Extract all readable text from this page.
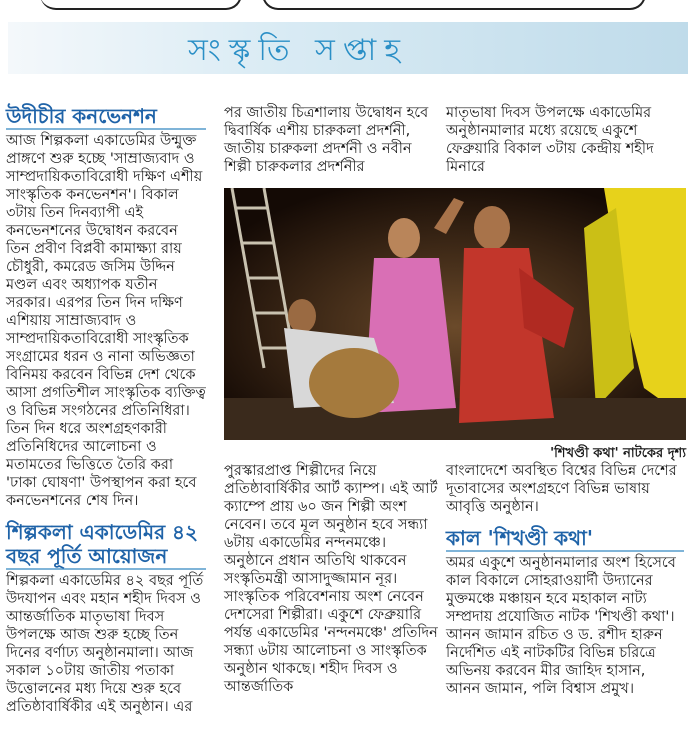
সংস্কৃতি সপ্তাহ
উদীচীর কনভেনশন

আজ শিল্পকলা একাডেমির উন্মুক্ত প্রাঙ্গণে শুরু হচ্ছে 'সাম্রাজ্যবাদ ও সাম্প্রদায়িকতাবিরোধী দক্ষিণ এশীয় সাংস্কৃতিক কনভেনশন'। বিকাল ৩টায় তিন দিনব্যাপী এই কনভেনশনের উদ্বোধন করবেন তিন প্রবীণ বিপ্লবী কামাক্ষ্যা রায় চৌধুরী, কমরেড জসিম উদ্দিন মণ্ডল এবং অধ্যাপক যতীন সরকার। এরপর তিন দিন দক্ষিণ এশিয়ায় সাম্রাজ্যবাদ ও সাম্প্রদায়িকতাবিরোধী সাংস্কৃতিক সংগ্রামের ধরন ও নানা অভিজ্ঞতা বিনিময় করবেন বিভিন্ন দেশ থেকে আসা প্রগতিশীল সাংস্কৃতিক ব্যক্তিত্ব ও বিভিন্ন সংগঠনের প্রতিনিধিরা। তিন দিন ধরে অংশগ্রহণকারী প্রতিনিধিদের আলোচনা ও মতামতের ভিত্তিতে তৈরি করা 'ঢাকা ঘোষণা' উপস্থাপন করা হবে কনভেনশনের শেষ দিন।

শিল্পকলা একাডেমির ৪২ বছর পূর্তি আয়োজন

শিল্পকলা একাডেমির ৪২ বছর পূর্তি উদযাপন এবং মহান শহীদ দিবস ও আন্তর্জাতিক মাতৃভাষা দিবস উপলক্ষে আজ শুরু হচ্ছে তিন দিনের বর্ণাঢ্য অনুষ্ঠানমালা। আজ সকাল ১০টায় জাতীয় পতাকা উত্তোলনের মধ্য দিয়ে শুরু হবে প্রতিষ্ঠাবার্ষিকীর এই অনুষ্ঠান। এর

পর জাতীয় চিত্রশালায় উদ্বোধন হবে দ্বিবার্ষিক এশীয় চারুকলা প্রদর্শনী, জাতীয় চারুকলা প্রদর্শনী ও নবীন শিল্পী চারুকলার প্রদর্শনীর

মাতৃভাষা দিবস উপলক্ষে একাডেমির অনুষ্ঠানমালার মধ্যে রয়েছে একুশে ফেব্রুয়ারি বিকাল ৩টায় কেন্দ্রীয় শহীদ মিনারে

'শিখণ্ডী কথা' নাটকের দৃশ্য

পুরস্কারপ্রাপ্ত শিল্পীদের নিয়ে প্রতিষ্ঠাবার্ষিকীর আর্ট ক্যাম্প। এই আর্ট ক্যাম্পে প্রায় ৬০ জন শিল্পী অংশ নেবেন। তবে মূল অনুষ্ঠান হবে সন্ধ্যা ৬টায় একাডেমির নন্দনমঞ্চে। অনুষ্ঠানে প্রধান অতিথি থাকবেন সংস্কৃতিমন্ত্রী আসাদুজ্জামান নূর। সাংস্কৃতিক পরিবেশনায় অংশ নেবেন দেশসেরা শিল্পীরা। একুশে ফেব্রুয়ারি পর্যন্ত একাডেমির 'নন্দনমঞ্চে' প্রতিদিন সন্ধ্যা ৬টায় আলোচনা ও সাংস্কৃতিক অনুষ্ঠান থাকছে। শহীদ দিবস ও আন্তর্জাতিক

বাংলাদেশে অবস্থিত বিশ্বের বিভিন্ন দেশের দূতাবাসের অংশগ্রহণে বিভিন্ন ভাষায় আবৃত্তি অনুষ্ঠান।

কাল 'শিখণ্ডী কথা'

অমর একুশে অনুষ্ঠানমালার অংশ হিসেবে কাল বিকালে সোহরাওয়ার্দী উদ্যানের মুক্তমঞ্চে মঞ্চায়ন হবে মহাকাল নাট্য সম্প্রদায় প্রযোজিত নাটক 'শিখণ্ডী কথা'। আনন জামান রচিত ও ড. রশীদ হারুন নির্দেশিত এই নাটকটির বিভিন্ন চরিত্রে অভিনয় করবেন মীর জাহিদ হাসান, আনন জামান, পলি বিশ্বাস প্রমুখ।
